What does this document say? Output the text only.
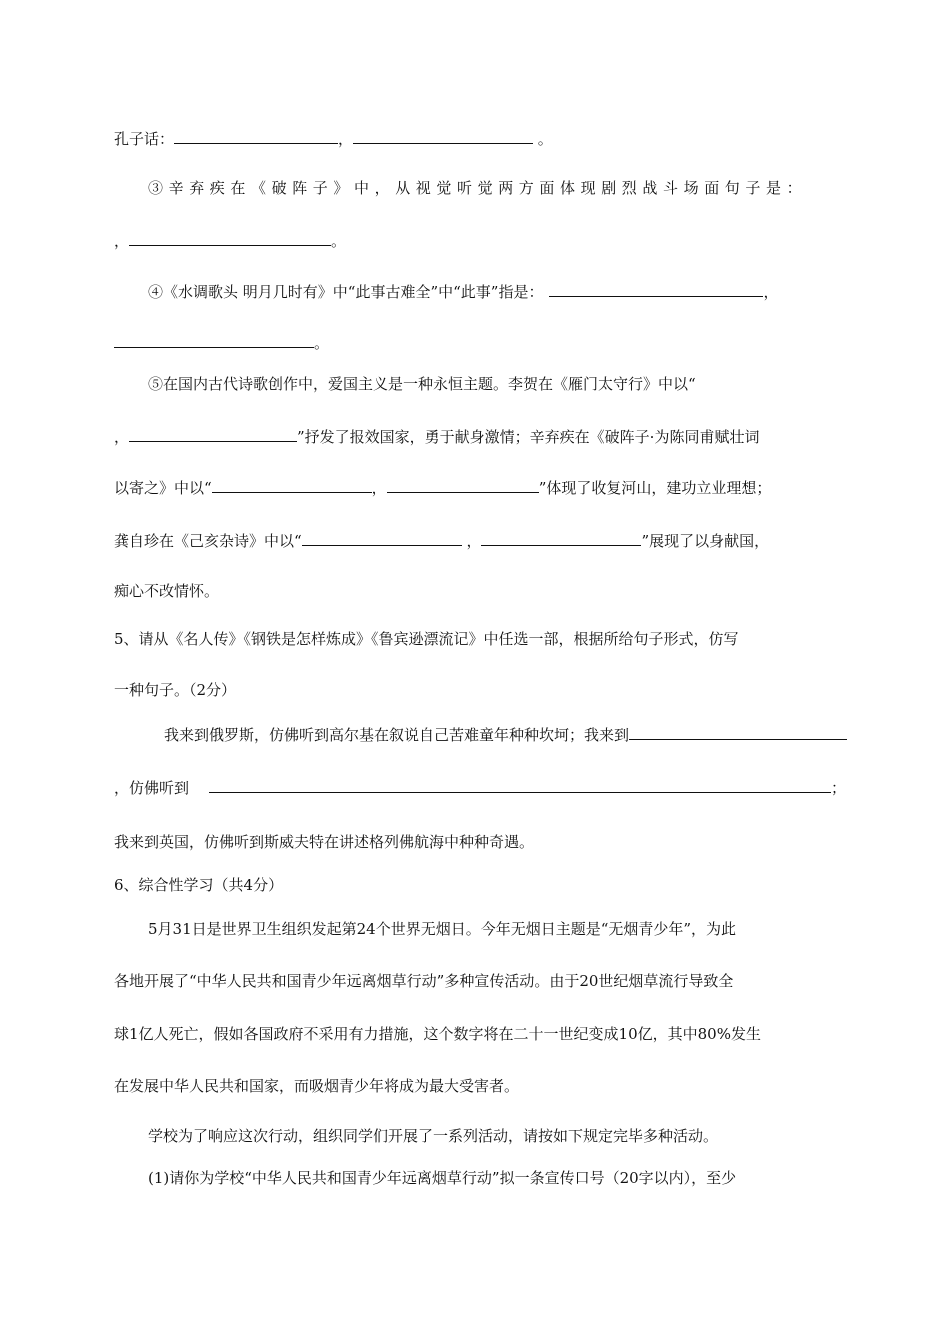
孔子话：	，	。
③辛弃疾在《破阵子》中，从视觉听觉两方面体现剧烈战斗场面句子是：
，	。
④《水调歌头 明月几时有》中“此事古难全”中“此事”指是：	，
。
⑤在国内古代诗歌创作中，爱国主义是一种永恒主题。李贺在《雁门太守行》中以“
，	”抒发了报效国家，勇于献身激情；辛弃疾在《破阵子·为陈同甫赋壮词
以寄之》中以“	，	”体现了收复河山，建功立业理想；
龚自珍在《己亥杂诗》中以“	，	”展现了以身献国，
痴心不改情怀。
5、请从《名人传》《钢铁是怎样炼成》《鲁宾逊漂流记》中任选一部，根据所给句子形式，仿写
一种句子。（2分）
我来到俄罗斯，仿佛听到高尔基在叙说自己苦难童年种种坎坷；我来到
，仿佛听到	；
我来到英国，仿佛听到斯威夫特在讲述格列佛航海中种种奇遇。
6、综合性学习（共4分）
5月31日是世界卫生组织发起第24个世界无烟日。今年无烟日主题是“无烟青少年”，为此
各地开展了“中华人民共和国青少年远离烟草行动”多种宣传活动。由于20世纪烟草流行导致全
球1亿人死亡，假如各国政府不采用有力措施，这个数字将在二十一世纪变成10亿，其中80%发生
在发展中华人民共和国家，而吸烟青少年将成为最大受害者。
学校为了响应这次行动，组织同学们开展了一系列活动，请按如下规定完毕多种活动。
(1)请你为学校“中华人民共和国青少年远离烟草行动”拟一条宣传口号（20字以内），至少
